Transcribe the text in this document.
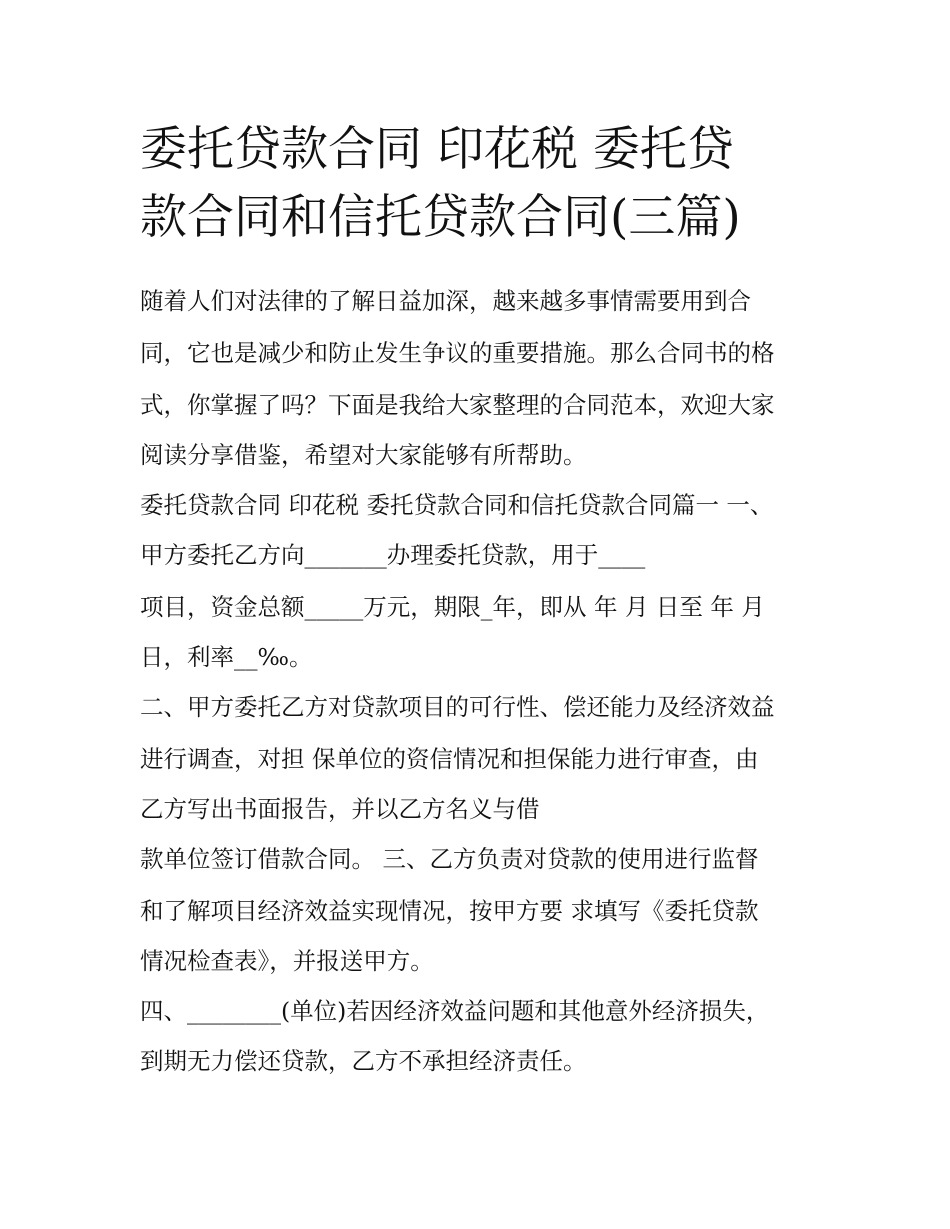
委托贷款合同 印花税 委托贷
款合同和信托贷款合同(三篇)
随着人们对法律的了解日益加深，越来越多事情需要用到合
同，它也是减少和防止发生争议的重要措施。那么合同书的格
式，你掌握了吗？下面是我给大家整理的合同范本，欢迎大家
阅读分享借鉴，希望对大家能够有所帮助。
委托贷款合同 印花税 委托贷款合同和信托贷款合同篇一 一、
甲方委托乙方向_______办理委托贷款，用于____
项目，资金总额_____万元，期限_年，即从 年 月 日至 年 月
日，利率__‰。
二、甲方委托乙方对贷款项目的可行性、偿还能力及经济效益
进行调查，对担 保单位的资信情况和担保能力进行审查，由
乙方写出书面报告，并以乙方名义与借
款单位签订借款合同。 三、乙方负责对贷款的使用进行监督
和了解项目经济效益实现情况，按甲方要 求填写《委托贷款
情况检查表》，并报送甲方。
四、________(单位)若因经济效益问题和其他意外经济损失，
到期无力偿还贷款，乙方不承担经济责任。
